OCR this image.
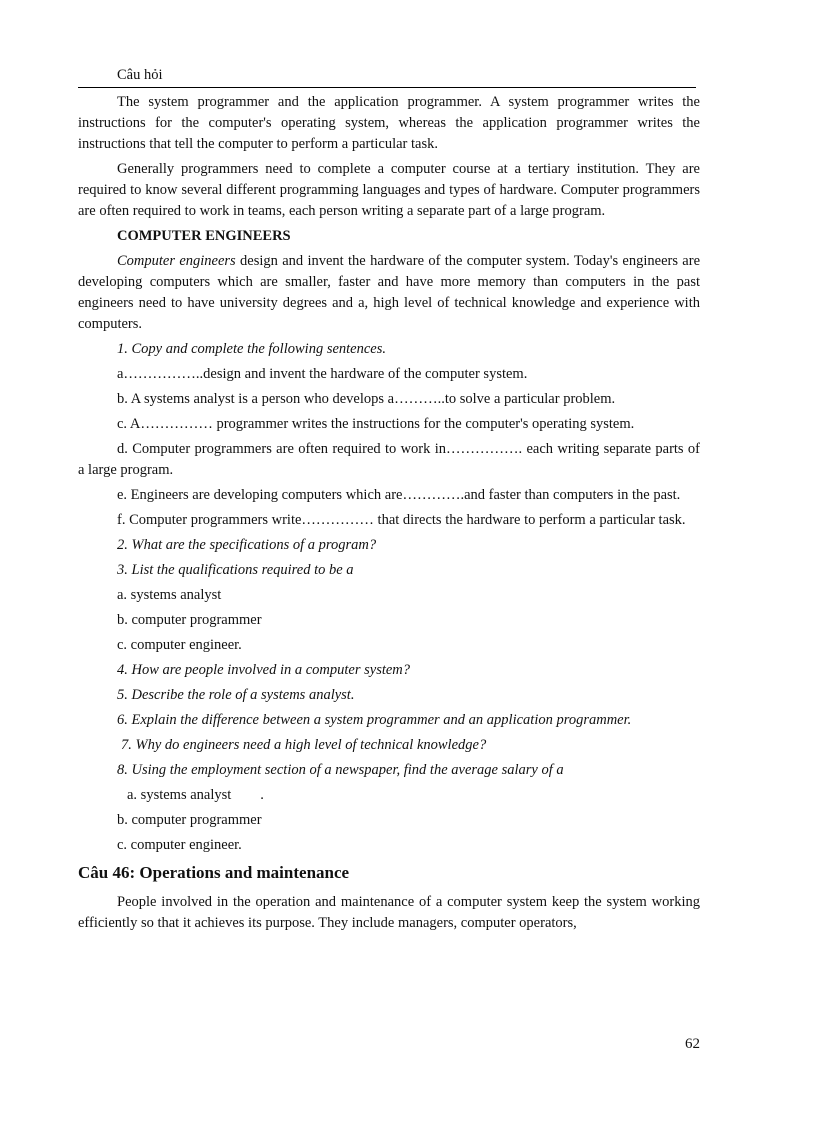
Câu hỏi

The system programmer and the application programmer. A system programmer writes the instructions for the computer's operating system, whereas the application programmer writes the instructions that tell the computer to perform a particular task.

Generally programmers need to complete a computer course at a tertiary institution. They are required to know several different programming languages and types of hardware. Computer programmers are often required to work in teams, each person writing a separate part of a large program.

COMPUTER ENGINEERS

Computer engineers design and invent the hardware of the computer system. Today's engineers are developing computers which are smaller, faster and have more memory than computers in the past engineers need to have university degrees and a, high level of technical knowledge and experience with computers.

1. Copy and complete the following sentences.

a……………..design and invent the hardware of the computer system.

b. A systems analyst is a person who develops a………..to solve a particular problem.

c. A…………… programmer writes the instructions for the computer's operating system.

d. Computer programmers are often required to work in……………. each writing separate parts of a large program.

e. Engineers are developing computers which are………….and faster than computers in the past.

f. Computer programmers write…………… that directs the hardware to perform a particular task.

2. What are the specifications of a program?

3. List the qualifications required to be a

a. systems analyst

b. computer programmer

c. computer engineer.

4. How are people involved in a computer system?

5. Describe the role of a systems analyst.

6. Explain the difference between a system programmer and an application programmer.

7. Why do engineers need a high level of technical knowledge?

8. Using the employment section of a newspaper, find the average salary of a

a. systems analyst        .

b. computer programmer

c. computer engineer.

Câu 46: Operations and maintenance

People involved in the operation and maintenance of a computer system keep the system working efficiently so that it achieves its purpose. They include managers, computer operators,

62
